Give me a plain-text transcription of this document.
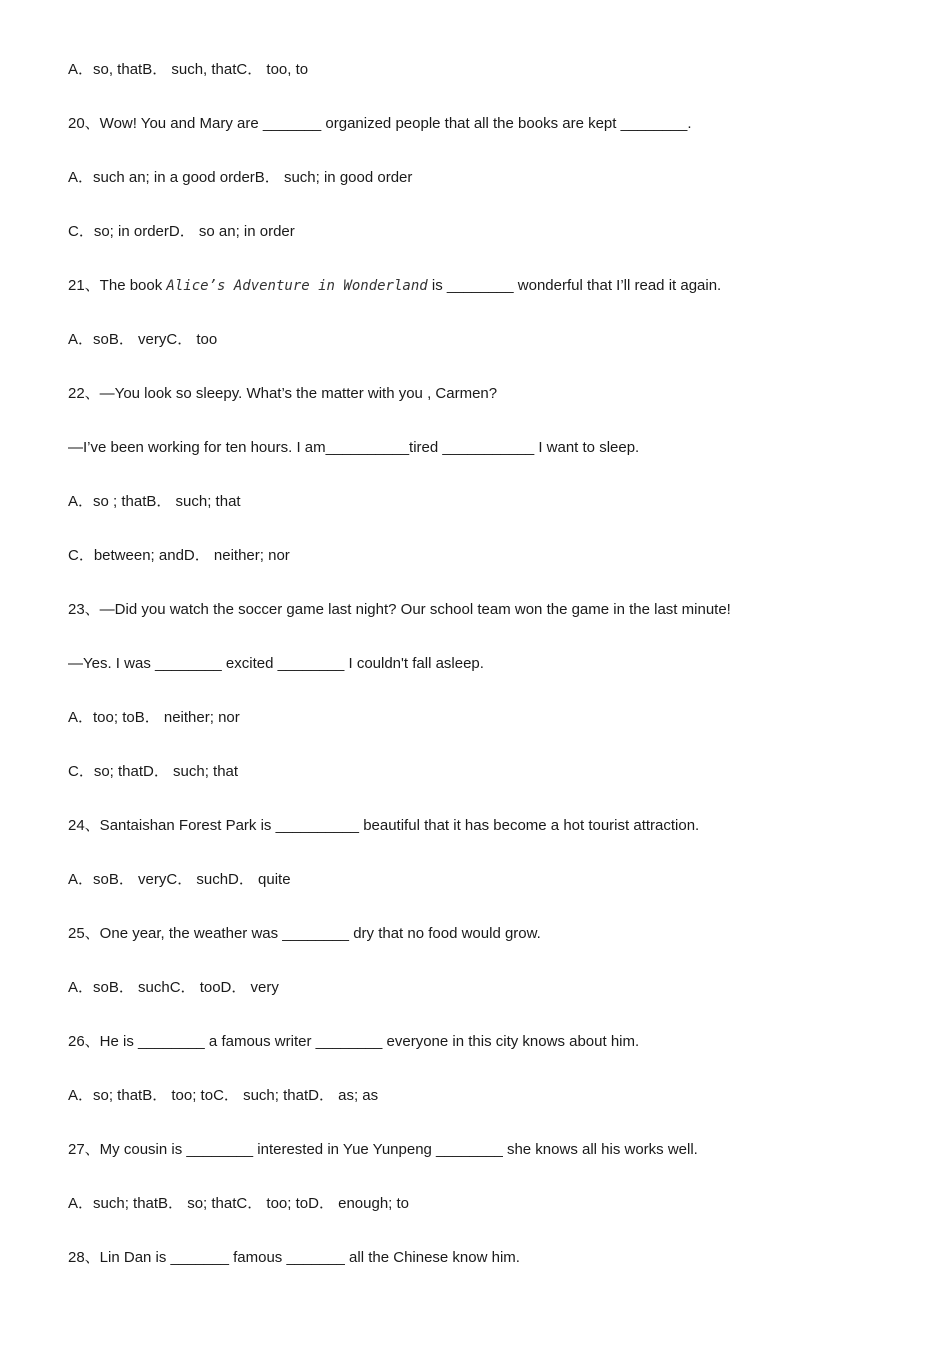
A．so, thatB． such, thatC． too, to
20、Wow! You and Mary are _______ organized people that all the books are kept ________.
A．such an; in a good orderB． such; in good order
C．so; in orderD． so an; in order
21、The book Alice’s Adventure in Wonderland is ________ wonderful that I’ll read it again.
A．soB． veryC． too
22、—You look so sleepy. What’s the matter with you , Carmen?
—I’ve been working for ten hours. I am__________tired ___________ I want to sleep.
A．so ; thatB． such; that
C．between; andD． neither; nor
23、—Did you watch the soccer game last night? Our school team won the game in the last minute!
—Yes. I was ________ excited ________ I couldn't fall asleep.
A．too; toB． neither; nor
C．so; thatD． such; that
24、Santaishan Forest Park is __________ beautiful that it has become a hot tourist attraction.
A．soB． veryC． suchD． quite
25、One year, the weather was ________ dry that no food would grow.
A．soB． suchC． tooD． very
26、He is ________ a famous writer ________ everyone in this city knows about him.
A．so; thatB． too; toC． such; thatD． as; as
27、My cousin is ________ interested in Yue Yunpeng ________ she knows all his works well.
A．such; thatB． so; thatC． too; toD． enough; to
28、Lin Dan is _______ famous _______ all the Chinese know him.
